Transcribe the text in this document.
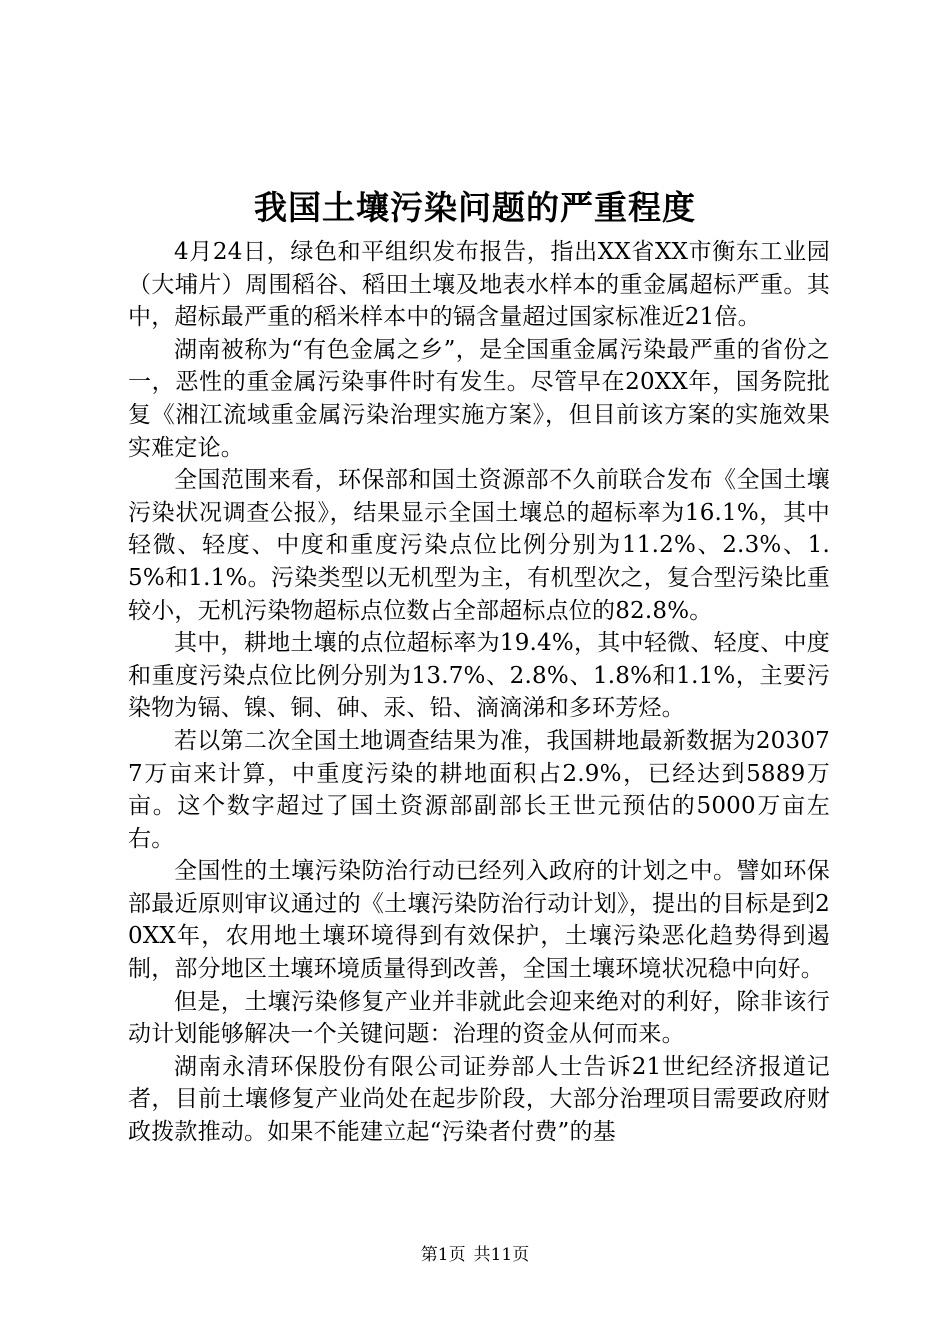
我国土壤污染问题的严重程度

4月24日，绿色和平组织发布报告，指出XX省XX市衡东工业园（大埔片）周围稻谷、稻田土壤及地表水样本的重金属超标严重。其中，超标最严重的稻米样本中的镉含量超过国家标准近21倍。

湖南被称为“有色金属之乡”，是全国重金属污染最严重的省份之一，恶性的重金属污染事件时有发生。尽管早在20XX年，国务院批复《湘江流域重金属污染治理实施方案》，但目前该方案的实施效果实难定论。

全国范围来看，环保部和国土资源部不久前联合发布《全国土壤污染状况调查公报》，结果显示全国土壤总的超标率为16.1%，其中轻微、轻度、中度和重度污染点位比例分别为11.2%、2.3%、1.5%和1.1%。污染类型以无机型为主，有机型次之，复合型污染比重较小，无机污染物超标点位数占全部超标点位的82.8%。

其中，耕地土壤的点位超标率为19.4%，其中轻微、轻度、中度和重度污染点位比例分别为13.7%、2.8%、1.8%和1.1%，主要污染物为镉、镍、铜、砷、汞、铅、滴滴涕和多环芳烃。

若以第二次全国土地调查结果为准，我国耕地最新数据为203077万亩来计算，中重度污染的耕地面积占2.9%，已经达到5889万亩。这个数字超过了国土资源部副部长王世元预估的5000万亩左右。

全国性的土壤污染防治行动已经列入政府的计划之中。譬如环保部最近原则审议通过的《土壤污染防治行动计划》，提出的目标是到20XX年，农用地土壤环境得到有效保护，土壤污染恶化趋势得到遏制，部分地区土壤环境质量得到改善，全国土壤环境状况稳中向好。

但是，土壤污染修复产业并非就此会迎来绝对的利好，除非该行动计划能够解决一个关键问题：治理的资金从何而来。

湖南永清环保股份有限公司证券部人士告诉21世纪经济报道记者，目前土壤修复产业尚处在起步阶段，大部分治理项目需要政府财政拨款推动。如果不能建立起“污染者付费”的基

第1页 共11页
